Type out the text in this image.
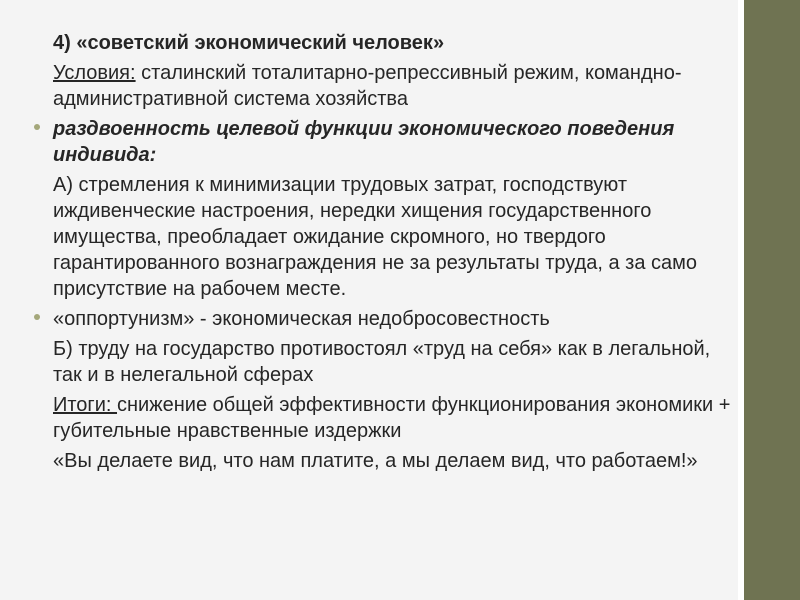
4) «советский экономический человек»
Условия: сталинский тоталитарно-репрессивный режим, командно-административной система хозяйства
раздвоенность целевой функции экономического поведения индивида:
А) стремления к минимизации трудовых затрат, господствуют иждивенческие настроения, нередки хищения государственного имущества, преобладает ожидание скромного, но твердого гарантированного вознаграждения не за результаты труда, а за само присутствие на рабочем месте.
«оппортунизм» - экономическая недобросовестность
Б) труду на государство противостоял «труд на себя» как в легальной, так и в нелегальной сферах
Итоги: снижение общей эффективности функционирования экономики + губительные нравственные издержки
«Вы делаете вид, что нам платите, а мы делаем вид, что работаем!»
